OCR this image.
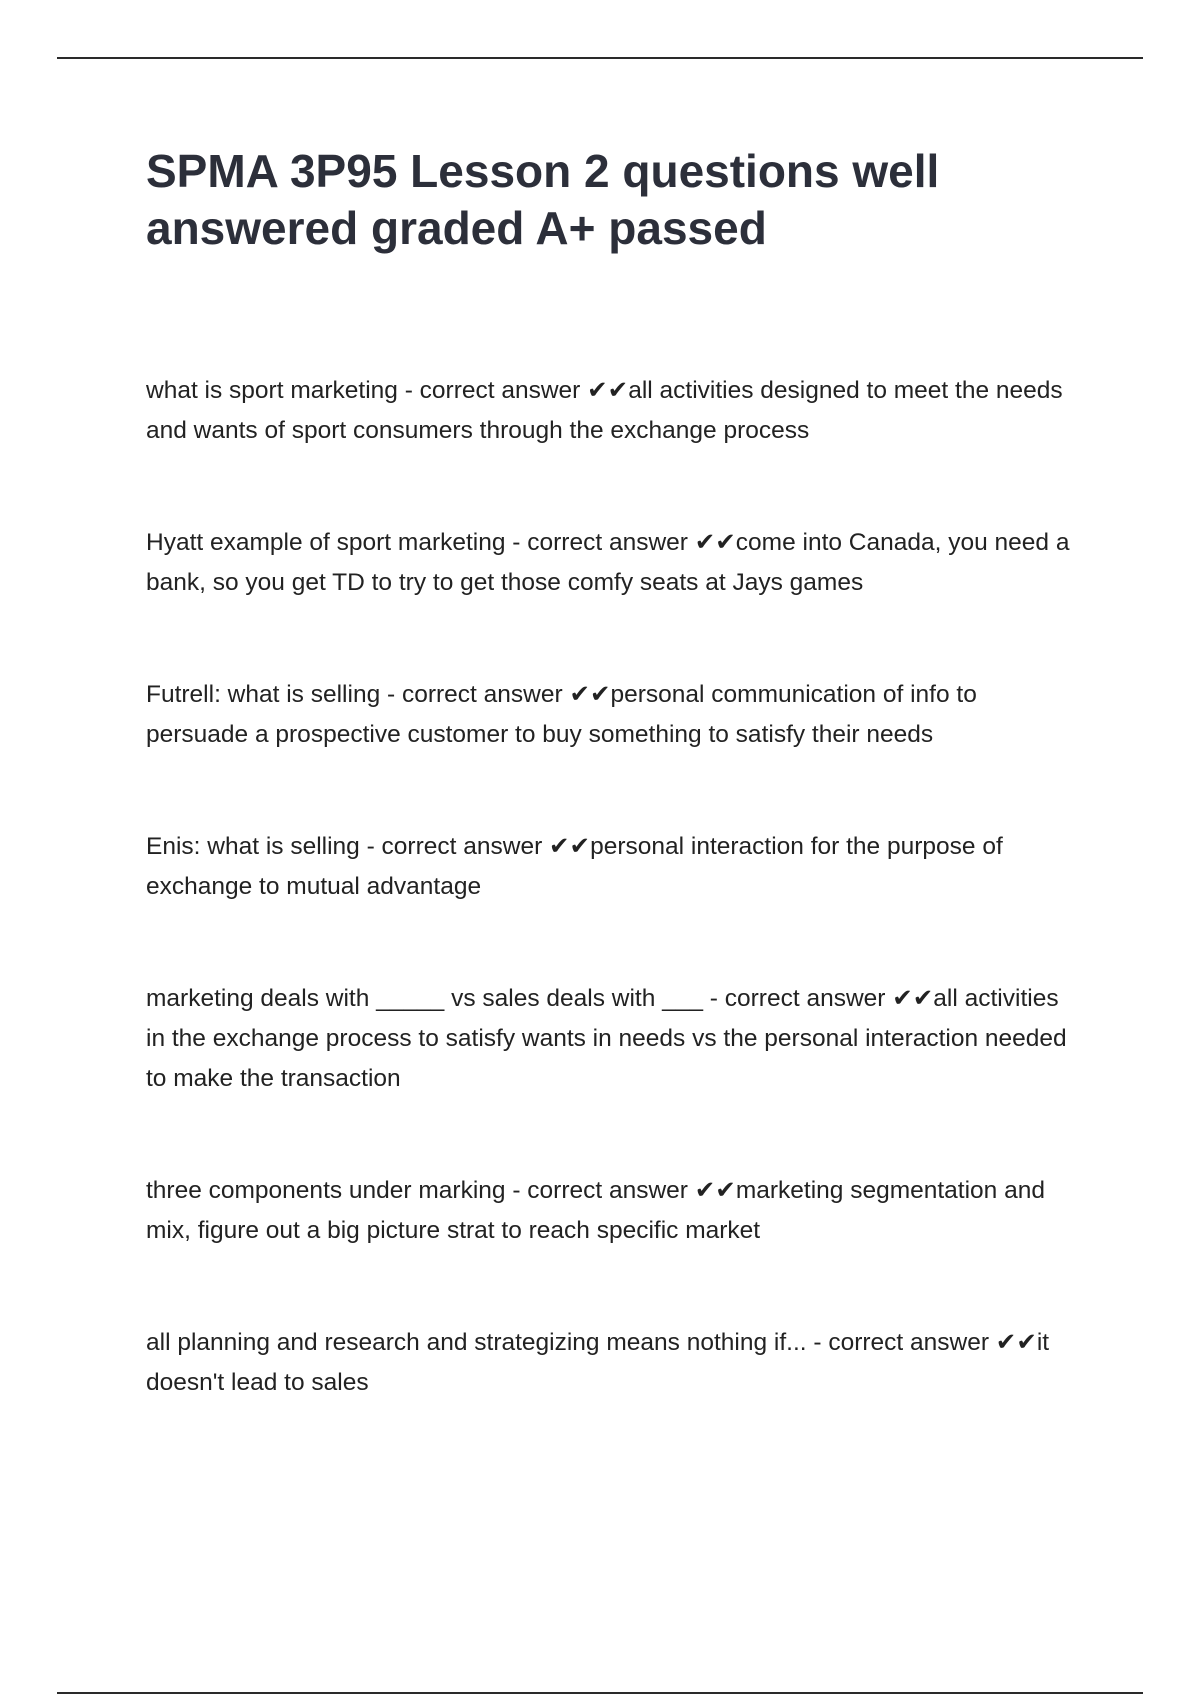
SPMA 3P95 Lesson 2 questions well answered graded A+ passed

what is sport marketing - correct answer ✔✔all activities designed to meet the needs and wants of sport consumers through the exchange process

Hyatt example of sport marketing - correct answer ✔✔come into Canada, you need a bank, so you get TD to try to get those comfy seats at Jays games

Futrell: what is selling - correct answer ✔✔personal communication of info to persuade a prospective customer to buy something to satisfy their needs

Enis: what is selling - correct answer ✔✔personal interaction for the purpose of exchange to mutual advantage

marketing deals with _____ vs sales deals with ___ - correct answer ✔✔all activities in the exchange process to satisfy wants in needs vs the personal interaction needed to make the transaction

three components under marking - correct answer ✔✔marketing segmentation and mix, figure out a big picture strat to reach specific market

all planning and research and strategizing means nothing if... - correct answer ✔✔it doesn't lead to sales
